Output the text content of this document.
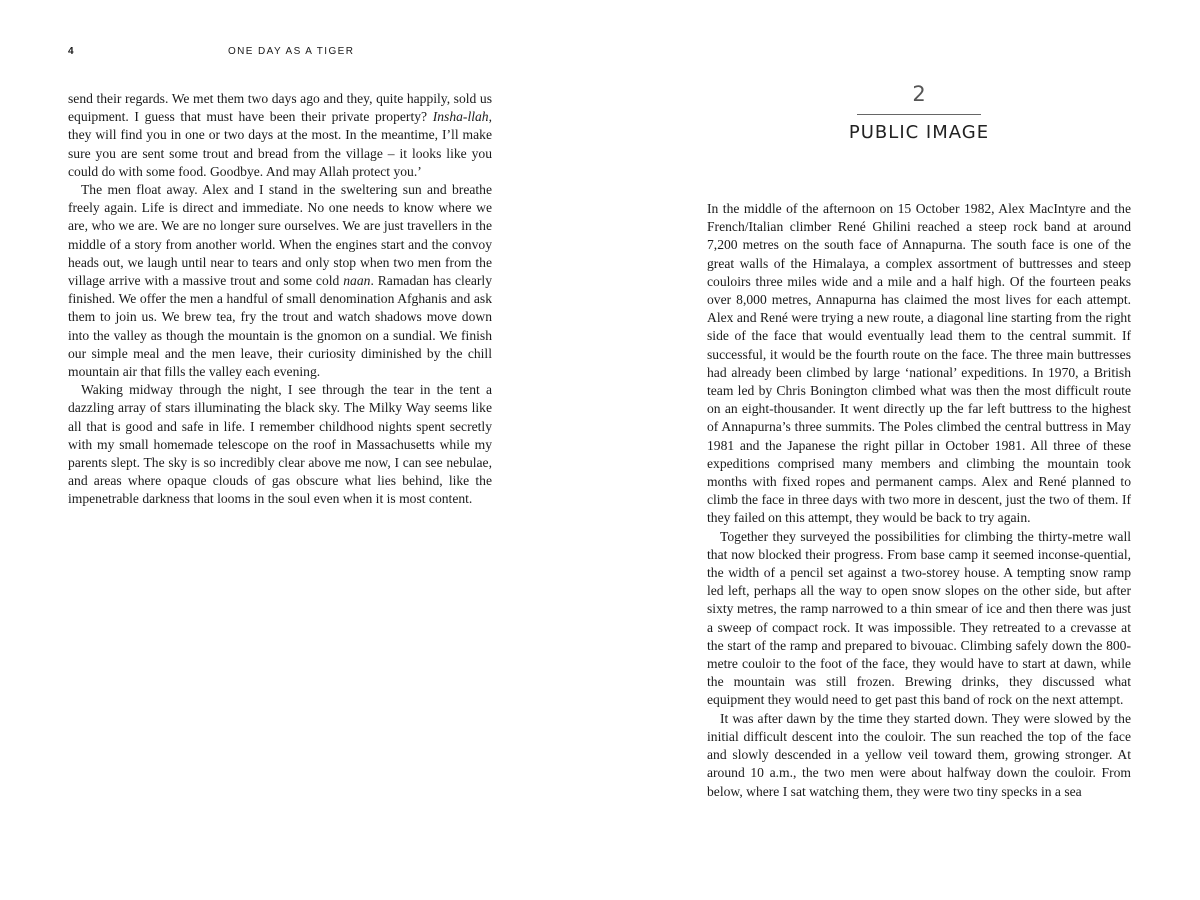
4	ONE DAY AS A TIGER

send their regards. We met them two days ago and they, quite happily, sold us equipment. I guess that must have been their private property? Insha-llah, they will find you in one or two days at the most. In the meantime, I’ll make sure you are sent some trout and bread from the village – it looks like you could do with some food. Goodbye. And may Allah protect you.’

The men float away. Alex and I stand in the sweltering sun and breathe freely again. Life is direct and immediate. No one needs to know where we are, who we are. We are no longer sure ourselves. We are just travellers in the middle of a story from another world. When the engines start and the convoy heads out, we laugh until near to tears and only stop when two men from the village arrive with a massive trout and some cold naan. Ramadan has clearly finished. We offer the men a handful of small denomination Afghanis and ask them to join us. We brew tea, fry the trout and watch shadows move down into the valley as though the mountain is the gnomon on a sundial. We finish our simple meal and the men leave, their curiosity diminished by the chill mountain air that fills the valley each evening.

Waking midway through the night, I see through the tear in the tent a dazzling array of stars illuminating the black sky. The Milky Way seems like all that is good and safe in life. I remember childhood nights spent secretly with my small homemade telescope on the roof in Massachusetts while my parents slept. The sky is so incredibly clear above me now, I can see nebulae, and areas where opaque clouds of gas obscure what lies behind, like the impenetrable darkness that looms in the soul even when it is most content.

2
PUBLIC IMAGE

In the middle of the afternoon on 15 October 1982, Alex MacIntyre and the French/Italian climber René Ghilini reached a steep rock band at around 7,200 metres on the south face of Annapurna. The south face is one of the great walls of the Himalaya, a complex assortment of buttresses and steep couloirs three miles wide and a mile and a half high. Of the fourteen peaks over 8,000 metres, Annapurna has claimed the most lives for each attempt. Alex and René were trying a new route, a diagonal line starting from the right side of the face that would eventually lead them to the central summit. If successful, it would be the fourth route on the face. The three main buttresses had already been climbed by large ‘national’ expeditions. In 1970, a British team led by Chris Bonington climbed what was then the most difficult route on an eight-thousander. It went directly up the far left buttress to the highest of Annapurna’s three summits. The Poles climbed the central buttress in May 1981 and the Japanese the right pillar in October 1981. All three of these expeditions comprised many members and climbing the mountain took months with fixed ropes and permanent camps. Alex and René planned to climb the face in three days with two more in descent, just the two of them. If they failed on this attempt, they would be back to try again.

Together they surveyed the possibilities for climbing the thirty-metre wall that now blocked their progress. From base camp it seemed inconse-quential, the width of a pencil set against a two-storey house. A tempting snow ramp led left, perhaps all the way to open snow slopes on the other side, but after sixty metres, the ramp narrowed to a thin smear of ice and then there was just a sweep of compact rock. It was impossible. They retreated to a crevasse at the start of the ramp and prepared to bivouac. Climbing safely down the 800-metre couloir to the foot of the face, they would have to start at dawn, while the mountain was still frozen. Brewing drinks, they discussed what equipment they would need to get past this band of rock on the next attempt.

It was after dawn by the time they started down. They were slowed by the initial difficult descent into the couloir. The sun reached the top of the face and slowly descended in a yellow veil toward them, growing stronger. At around 10 a.m., the two men were about halfway down the couloir. From below, where I sat watching them, they were two tiny specks in a sea
